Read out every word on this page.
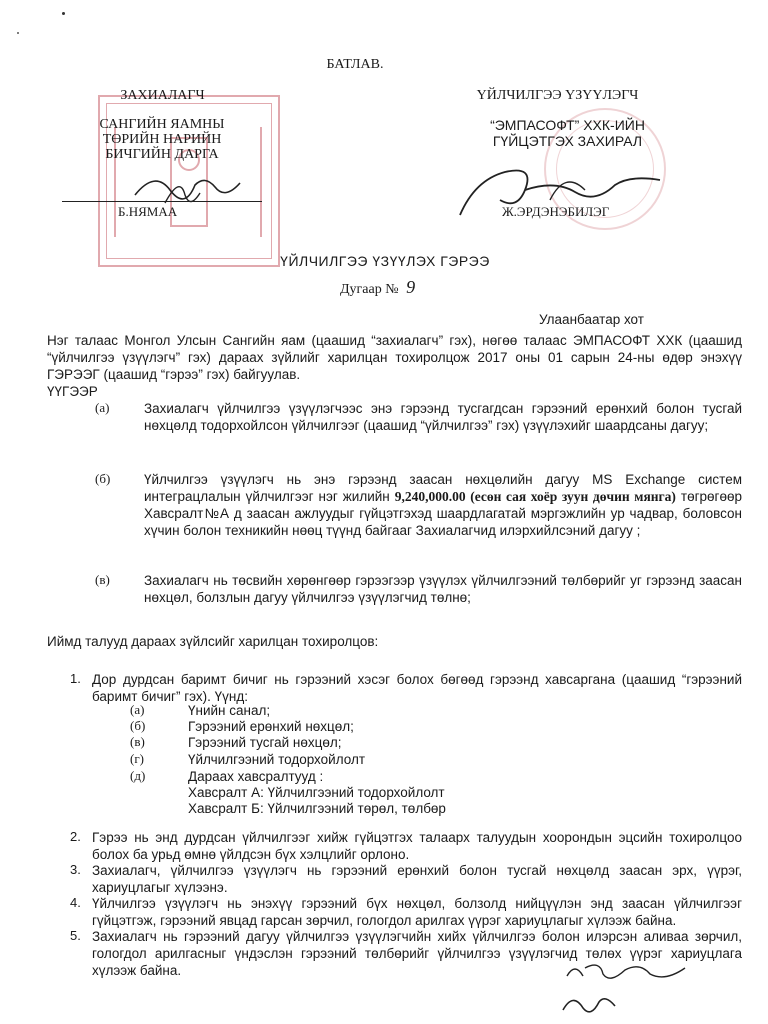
БАТЛАВ.
ЗАХИАЛАГЧ
САНГИЙН ЯАМНЫ
ТӨРИЙН НАРИЙН
БИЧГИЙН ДАРГА
Б.НЯМАА
ҮЙЛЧИЛГЭЭ ҮЗҮҮЛЭГЧ
“ЭМПАСОФТ” ХХК-ИЙН
ГҮЙЦЭТГЭХ ЗАХИРАЛ
Ж.ЭРДЭНЭБИЛЭГ
ҮЙЛЧИЛГЭЭ ҮЗҮҮЛЭХ ГЭРЭЭ
Дугаар № 9
Улаанбаатар хот
Нэг талаас Монгол Улсын Сангийн яам (цаашид “захиалагч” гэх), нөгөө талаас ЭМПАСОФТ ХХК (цаашид “үйлчилгээ үзүүлэгч” гэх) дараах зүйлийг харилцан тохиролцож 2017 оны 01 сарын 24-ны өдөр энэхүү ГЭРЭЭГ (цаашид “гэрээ” гэх) байгуулав.
ҮҮГЭЭР
(а)	Захиалагч үйлчилгээ үзүүлэгчээс энэ гэрээнд тусгагдсан гэрээний ерөнхий болон тусгай нөхцөлд тодорхойлсон үйлчилгээг (цаашид “үйлчилгээ” гэх) үзүүлэхийг шаардсаны дагуу;
(б) Үйлчилгээ үзүүлэгч нь энэ гэрээнд заасан нөхцөлийн дагуу MS Exchange систем интеграцлалын үйлчилгээг нэг жилийн 9,240,000.00 (есөн сая хоёр зуун дөчин мянга) төгрөгөөр Хавсралт№А д заасан ажлуудыг гүйцэтгэхэд шаардлагатай мэргэжлийн ур чадвар, боловсон хүчин болон техникийн нөөц түүнд байгааг Захиалагчид илэрхийлсэний дагуу ;
(в)	Захиалагч нь төсвийн хөрөнгөөр гэрээгээр үзүүлэх үйлчилгээний төлбөрийг уг гэрээнд заасан нөхцөл, болзлын дагуу үйлчилгээ үзүүлэгчид төлнө;
Иймд талууд дараах зүйлсийг харилцан тохиролцов:
1. Дор дурдсан баримт бичиг нь гэрээний хэсэг болох бөгөөд гэрээнд хавсаргана (цаашид “гэрээний баримт бичиг” гэх). Үүнд:
(а)	Үнийн санал;
(б)	Гэрээний ерөнхий нөхцөл;
(в)	Гэрээний тусгай нөхцөл;
(г)	Үйлчилгээний тодорхойлолт
(д)	Дараах хавсралтууд :
Хавсралт А: Үйлчилгээний тодорхойлолт
Хавсралт Б: Үйлчилгээний төрөл, төлбөр
2. Гэрээ нь энд дурдсан үйлчилгээг хийж гүйцэтгэх талаарх талуудын хоорондын эцсийн тохиролцоо болох ба урьд өмнө үйлдсэн бүх хэлцлийг орлоно.
3. Захиалагч, үйлчилгээ үзүүлэгч нь гэрээний ерөнхий болон тусгай нөхцөлд заасан эрх, үүрэг, хариуцлагыг хүлээнэ.
4. Үйлчилгээ үзүүлэгч нь энэхүү гэрээний бүх нөхцөл, болзолд нийцүүлэн энд заасан үйлчилгээг гүйцэтгэж, гэрээний явцад гарсан зөрчил, гологдол арилгах үүрэг хариуцлагыг хүлээж байна.
5. Захиалагч нь гэрээний дагуу үйлчилгээ үзүүлэгчийн хийх үйлчилгээ болон илэрсэн аливаа зөрчил, гологдол арилгасныг үндэслэн гэрээний төлбөрийг үйлчилгээ үзүүлэгчид төлөх үүрэг хариуцлага хүлээж байна.
